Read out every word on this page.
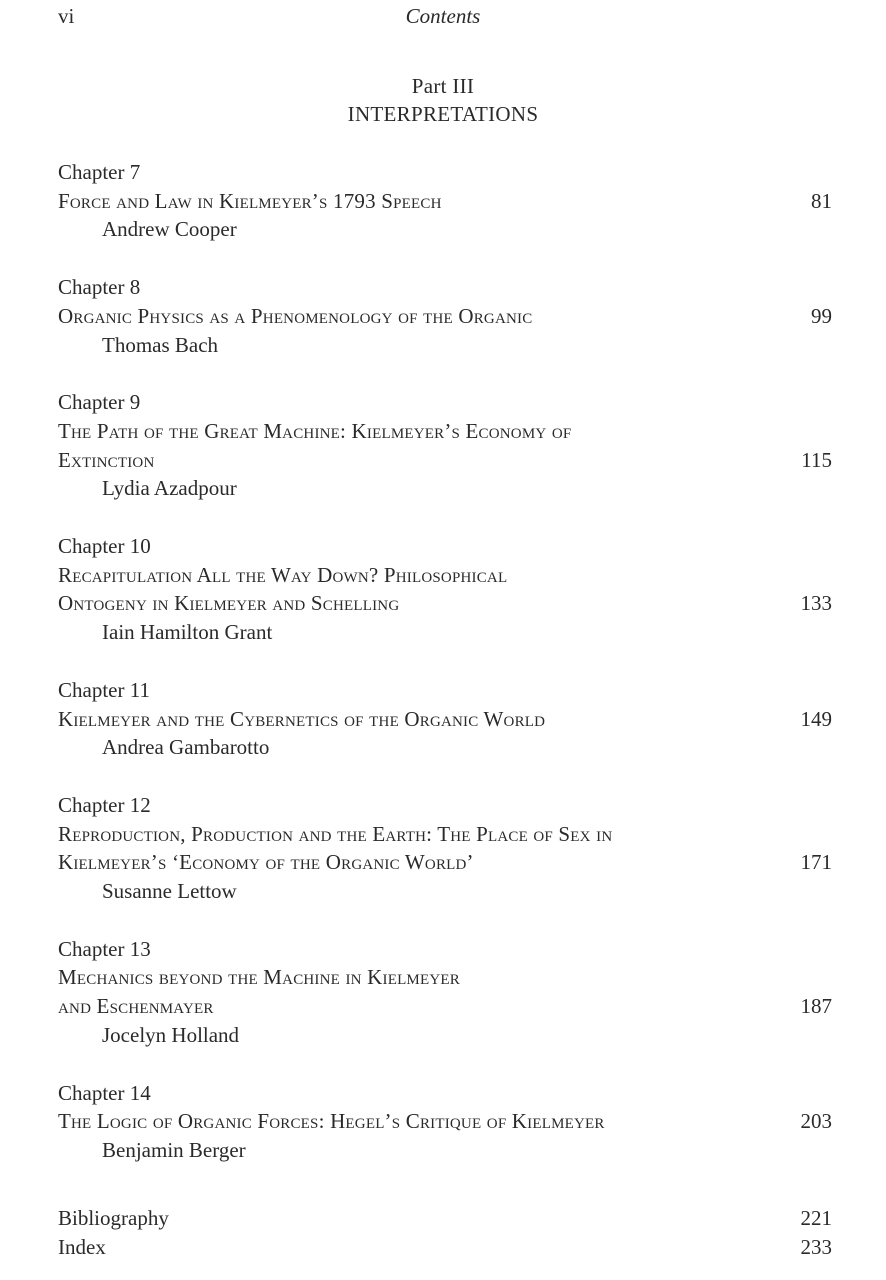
vi	Contents
Part III
INTERPRETATIONS
Chapter 7
Force and Law in Kielmeyer’s 1793 Speech	81
Andrew Cooper
Chapter 8
Organic Physics as a Phenomenology of the Organic	99
Thomas Bach
Chapter 9
The Path of the Great Machine: Kielmeyer’s Economy of
Extinction	115
Lydia Azadpour
Chapter 10
Recapitulation All the Way Down? Philosophical
Ontogeny in Kielmeyer and Schelling	133
Iain Hamilton Grant
Chapter 11
Kielmeyer and the Cybernetics of the Organic World	149
Andrea Gambarotto
Chapter 12
Reproduction, Production and the Earth: The Place of Sex in
Kielmeyer’s ‘Economy of the Organic World’	171
Susanne Lettow
Chapter 13
Mechanics beyond the Machine in Kielmeyer
and Eschenmayer	187
Jocelyn Holland
Chapter 14
The Logic of Organic Forces: Hegel’s Critique of Kielmeyer	203
Benjamin Berger
Bibliography	221
Index	233
